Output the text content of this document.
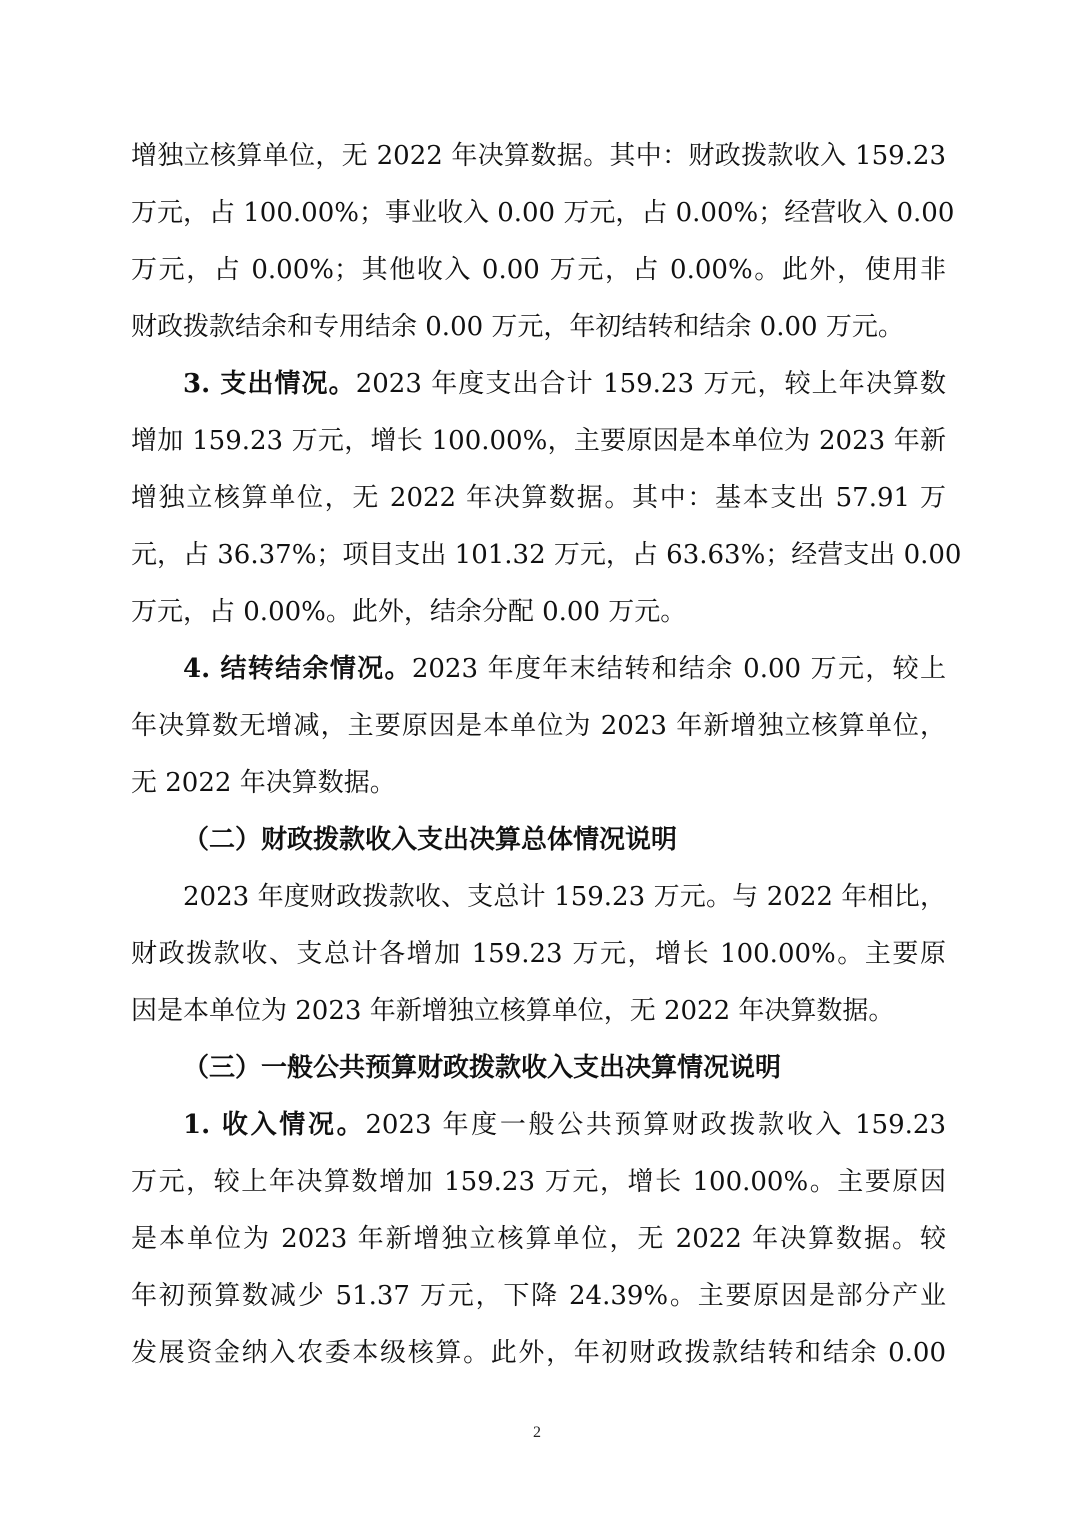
增独立核算单位，无 2022 年决算数据。其中：财政拨款收入 159.23
万元，占 100.00%；事业收入 0.00 万元，占 0.00%；经营收入 0.00
万元，占 0.00%；其他收入 0.00 万元，占 0.00%。此外，使用非
财政拨款结余和专用结余 0.00 万元，年初结转和结余 0.00 万元。
3. 支出情况。2023 年度支出合计 159.23 万元，较上年决算数
增加 159.23 万元，增长 100.00%，主要原因是本单位为 2023 年新
增独立核算单位，无 2022 年决算数据。其中：基本支出 57.91 万
元，占 36.37%；项目支出 101.32 万元，占 63.63%；经营支出 0.00
万元，占 0.00%。此外，结余分配 0.00 万元。
4. 结转结余情况。2023 年度年末结转和结余 0.00 万元，较上
年决算数无增减，主要原因是本单位为 2023 年新增独立核算单位，
无 2022 年决算数据。
（二）财政拨款收入支出决算总体情况说明
2023 年度财政拨款收、支总计 159.23 万元。与 2022 年相比，
财政拨款收、支总计各增加 159.23 万元，增长 100.00%。主要原
因是本单位为 2023 年新增独立核算单位，无 2022 年决算数据。
（三）一般公共预算财政拨款收入支出决算情况说明
1. 收入情况。2023 年度一般公共预算财政拨款收入 159.23
万元，较上年决算数增加 159.23 万元，增长 100.00%。主要原因
是本单位为 2023 年新增独立核算单位，无 2022 年决算数据。较
年初预算数减少 51.37 万元，下降 24.39%。主要原因是部分产业
发展资金纳入农委本级核算。此外，年初财政拨款结转和结余 0.00
2
